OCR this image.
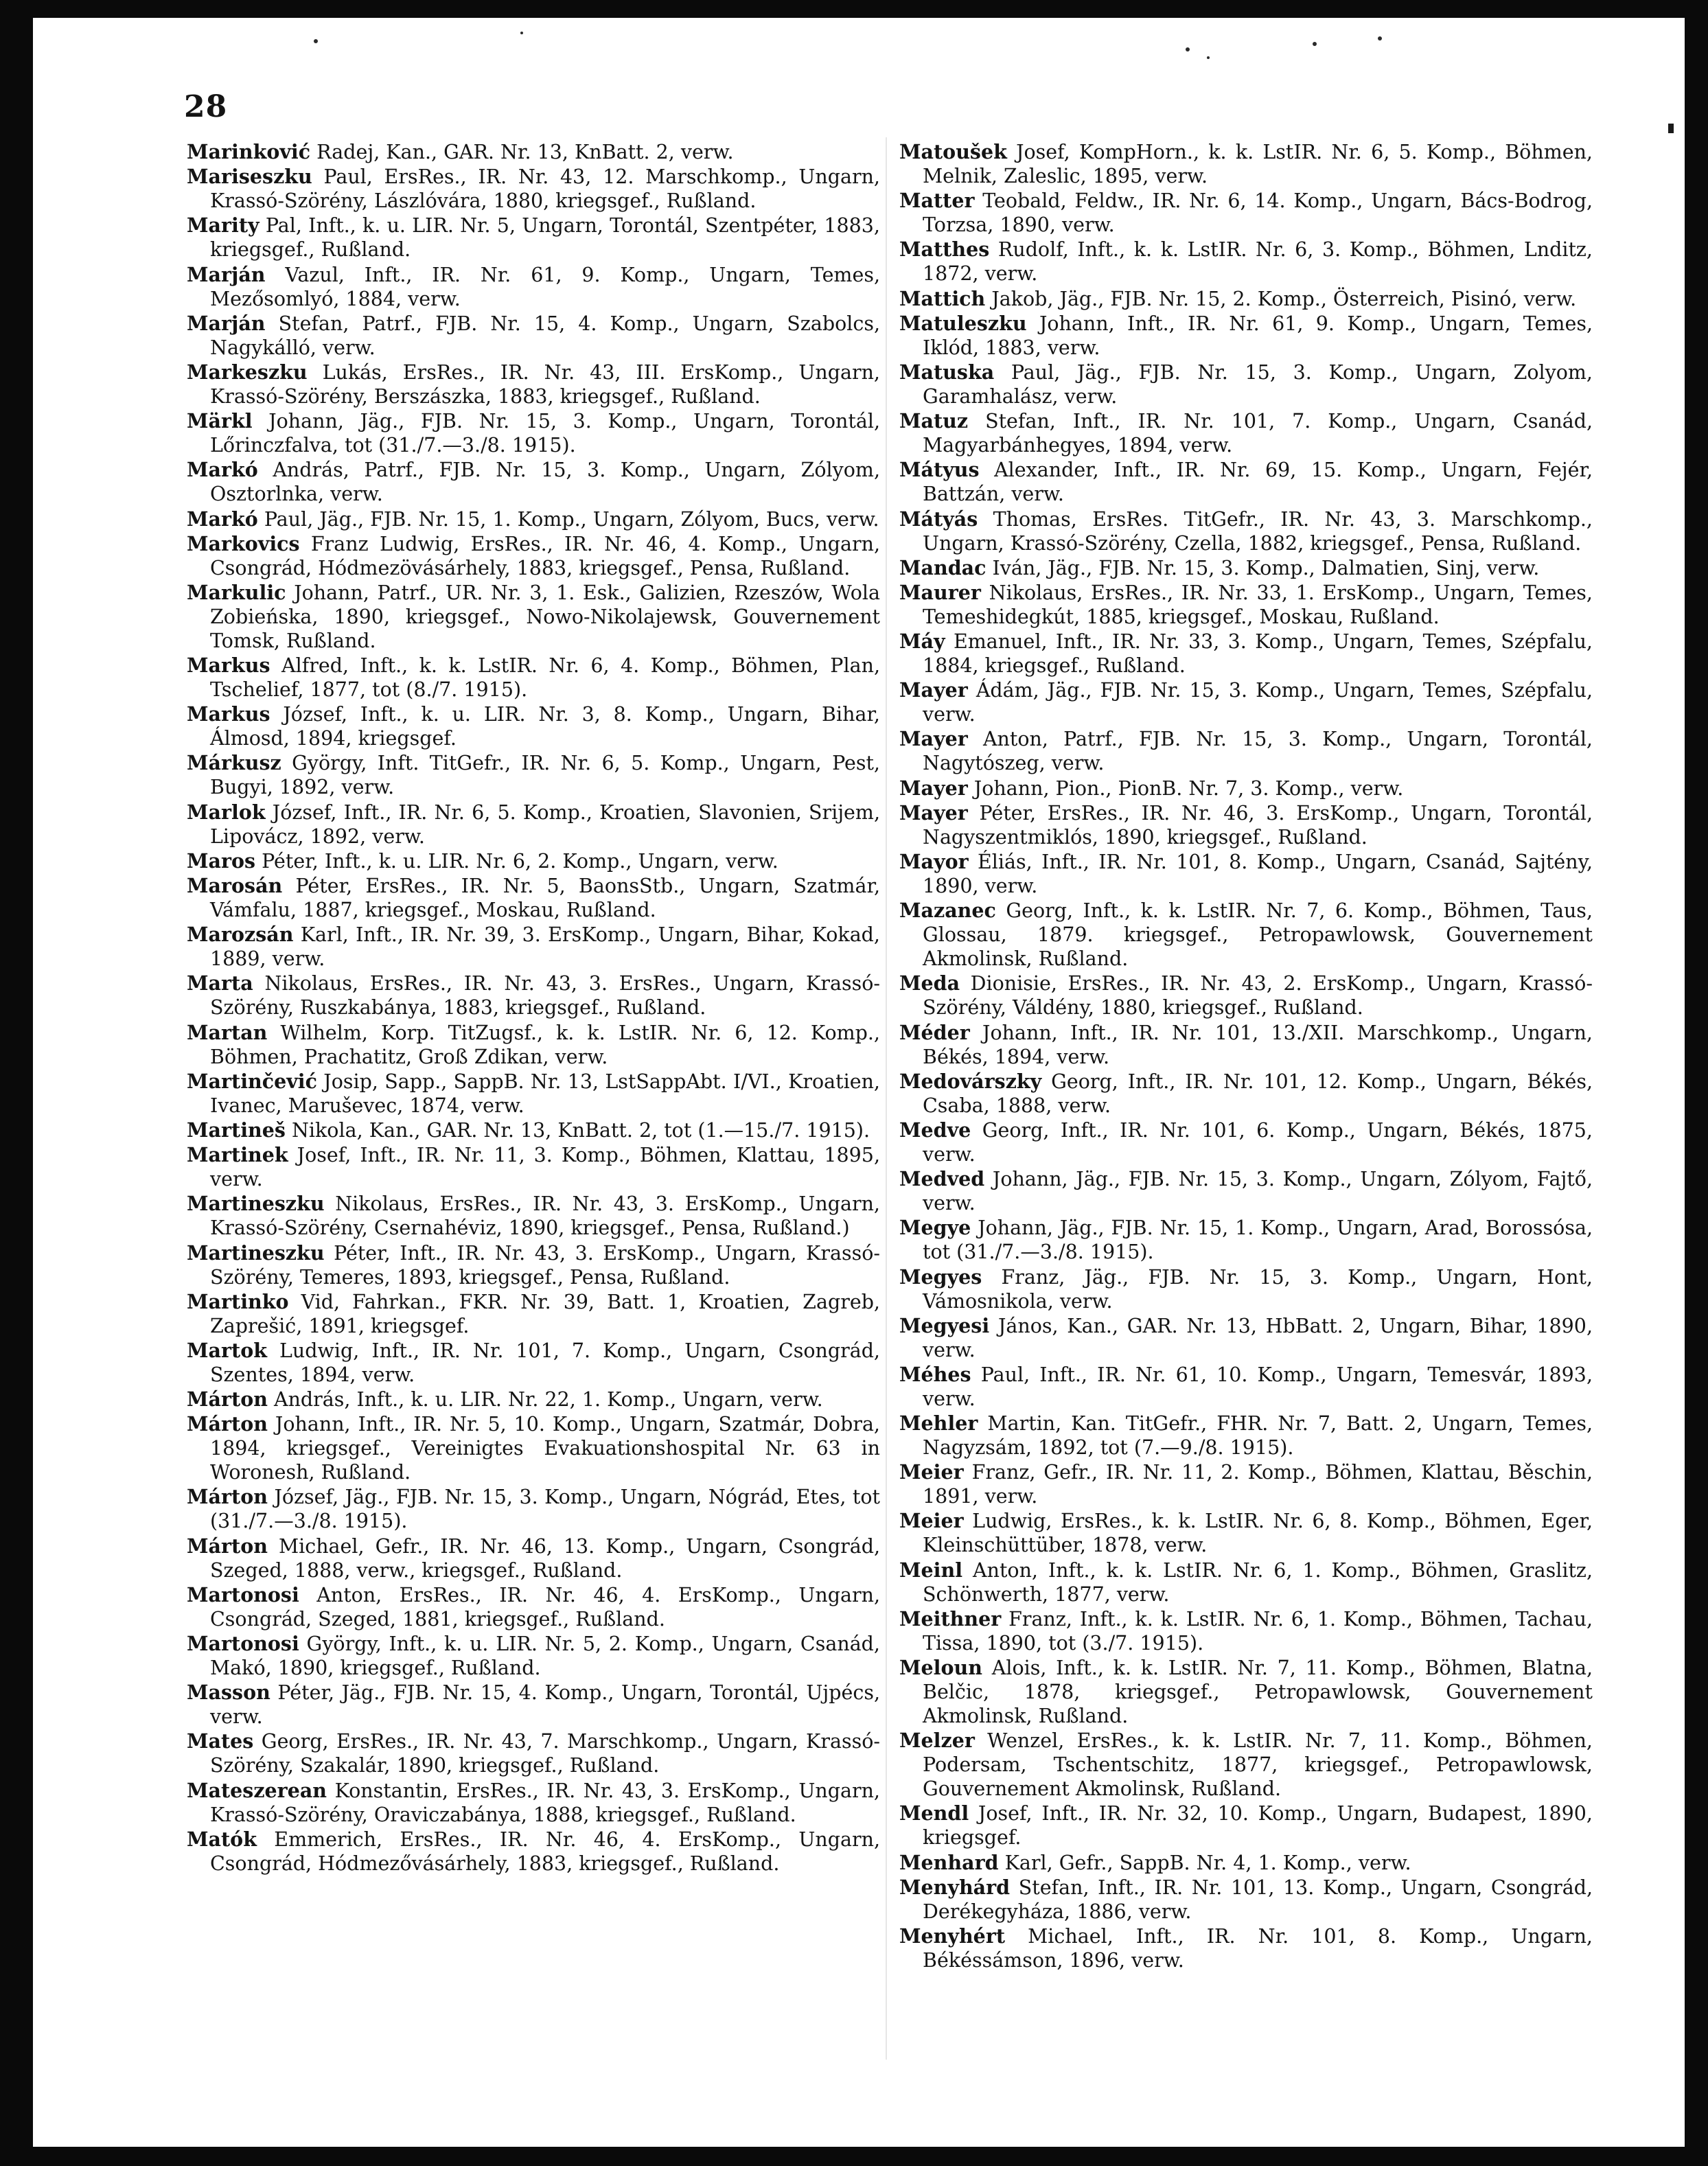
28

Marinković Radej, Kan., GAR. Nr. 13, KnBatt. 2, verw.

Mariseszku Paul, ErsRes., IR. Nr. 43, 12. Marschkomp., Ungarn, Krassó-Szörény, Lászlóvára, 1880, kriegsgef., Rußland.

Marity Pal, Inft., k. u. LIR. Nr. 5, Ungarn, Torontál, Szentpéter, 1883, kriegsgef., Rußland.

Marján Vazul, Inft., IR. Nr. 61, 9. Komp., Ungarn, Temes, Mezősomlyó, 1884, verw.

Marján Stefan, Patrf., FJB. Nr. 15, 4. Komp., Ungarn, Szabolcs, Nagykálló, verw.

Markeszku Lukás, ErsRes., IR. Nr. 43, III. ErsKomp., Ungarn, Krassó-Szörény, Berszászka, 1883, kriegsgef., Rußland.

Märkl Johann, Jäg., FJB. Nr. 15, 3. Komp., Ungarn, Torontál, Lőrinczfalva, tot (31./7.—3./8. 1915).

Markó András, Patrf., FJB. Nr. 15, 3. Komp., Ungarn, Zólyom, Osztorlnka, verw.

Markó Paul, Jäg., FJB. Nr. 15, 1. Komp., Ungarn, Zólyom, Bucs, verw.

Markovics Franz Ludwig, ErsRes., IR. Nr. 46, 4. Komp., Ungarn, Csongrád, Hódmezövásárhely, 1883, kriegsgef., Pensa, Rußland.

Markulic Johann, Patrf., UR. Nr. 3, 1. Esk., Galizien, Rzeszów, Wola Zobieńska, 1890, kriegsgef., Nowo-Nikolajewsk, Gouvernement Tomsk, Rußland.

Markus Alfred, Inft., k. k. LstIR. Nr. 6, 4. Komp., Böhmen, Plan, Tschelief, 1877, tot (8./7. 1915).

Markus József, Inft., k. u. LIR. Nr. 3, 8. Komp., Ungarn, Bihar, Álmosd, 1894, kriegsgef.

Márkusz György, Inft. TitGefr., IR. Nr. 6, 5. Komp., Ungarn, Pest, Bugyi, 1892, verw.

Marlok József, Inft., IR. Nr. 6, 5. Komp., Kroatien, Slavonien, Srijem, Lipovácz, 1892, verw.

Maros Péter, Inft., k. u. LIR. Nr. 6, 2. Komp., Ungarn, verw.

Marosán Péter, ErsRes., IR. Nr. 5, BaonsStb., Ungarn, Szatmár, Vámfalu, 1887, kriegsgef., Moskau, Rußland.

Marozsán Karl, Inft., IR. Nr. 39, 3. ErsKomp., Ungarn, Bihar, Kokad, 1889, verw.

Marta Nikolaus, ErsRes., IR. Nr. 43, 3. ErsRes., Ungarn, Krassó-Szörény, Ruszkabánya, 1883, kriegsgef., Rußland.

Martan Wilhelm, Korp. TitZugsf., k. k. LstIR. Nr. 6, 12. Komp., Böhmen, Prachatitz, Groß Zdikan, verw.

Martinčević Josip, Sapp., SappB. Nr. 13, LstSappAbt. I/VI., Kroatien, Ivanec, Maruševec, 1874, verw.

Martineš Nikola, Kan., GAR. Nr. 13, KnBatt. 2, tot (1.—15./7. 1915).

Martinek Josef, Inft., IR. Nr. 11, 3. Komp., Böhmen, Klattau, 1895, verw.

Martineszku Nikolaus, ErsRes., IR. Nr. 43, 3. ErsKomp., Ungarn, Krassó-Szörény, Csernahéviz, 1890, kriegsgef., Pensa, Rußland.)

Martineszku Péter, Inft., IR. Nr. 43, 3. ErsKomp., Ungarn, Krassó-Szörény, Temeres, 1893, kriegsgef., Pensa, Rußland.

Martinko Vid, Fahrkan., FKR. Nr. 39, Batt. 1, Kroatien, Zagreb, Zaprešić, 1891, kriegsgef.

Martok Ludwig, Inft., IR. Nr. 101, 7. Komp., Ungarn, Csongrád, Szentes, 1894, verw.

Márton András, Inft., k. u. LIR. Nr. 22, 1. Komp., Ungarn, verw.

Márton Johann, Inft., IR. Nr. 5, 10. Komp., Ungarn, Szatmár, Dobra, 1894, kriegsgef., Vereinigtes Evakuationshospital Nr. 63 in Woronesh, Rußland.

Márton József, Jäg., FJB. Nr. 15, 3. Komp., Ungarn, Nógrád, Etes, tot (31./7.—3./8. 1915).

Márton Michael, Gefr., IR. Nr. 46, 13. Komp., Ungarn, Csongrád, Szeged, 1888, verw., kriegsgef., Rußland.

Martonosi Anton, ErsRes., IR. Nr. 46, 4. ErsKomp., Ungarn, Csongrád, Szeged, 1881, kriegsgef., Rußland.

Martonosi György, Inft., k. u. LIR. Nr. 5, 2. Komp., Ungarn, Csanád, Makó, 1890, kriegsgef., Rußland.

Masson Péter, Jäg., FJB. Nr. 15, 4. Komp., Ungarn, Torontál, Ujpécs, verw.

Mates Georg, ErsRes., IR. Nr. 43, 7. Marschkomp., Ungarn, Krassó-Szörény, Szakalár, 1890, kriegsgef., Rußland.

Mateszerean Konstantin, ErsRes., IR. Nr. 43, 3. ErsKomp., Ungarn, Krassó-Szörény, Oraviczabánya, 1888, kriegsgef., Rußland.

Matók Emmerich, ErsRes., IR. Nr. 46, 4. ErsKomp., Ungarn, Csongrád, Hódmezővásárhely, 1883, kriegsgef., Rußland.

Matoušek Josef, KompHorn., k. k. LstIR. Nr. 6, 5. Komp., Böhmen, Melnik, Zaleslic, 1895, verw.

Matter Teobald, Feldw., IR. Nr. 6, 14. Komp., Ungarn, Bács-Bodrog, Torzsa, 1890, verw.

Matthes Rudolf, Inft., k. k. LstIR. Nr. 6, 3. Komp., Böhmen, Lnditz, 1872, verw.

Mattich Jakob, Jäg., FJB. Nr. 15, 2. Komp., Österreich, Pisinó, verw.

Matuleszku Johann, Inft., IR. Nr. 61, 9. Komp., Ungarn, Temes, Iklód, 1883, verw.

Matuska Paul, Jäg., FJB. Nr. 15, 3. Komp., Ungarn, Zolyom, Garamhalász, verw.

Matuz Stefan, Inft., IR. Nr. 101, 7. Komp., Ungarn, Csanád, Magyarbánhegyes, 1894, verw.

Mátyus Alexander, Inft., IR. Nr. 69, 15. Komp., Ungarn, Fejér, Battzán, verw.

Mátyás Thomas, ErsRes. TitGefr., IR. Nr. 43, 3. Marschkomp., Ungarn, Krassó-Szörény, Czella, 1882, kriegsgef., Pensa, Rußland.

Mandac Iván, Jäg., FJB. Nr. 15, 3. Komp., Dalmatien, Sinj, verw.

Maurer Nikolaus, ErsRes., IR. Nr. 33, 1. ErsKomp., Ungarn, Temes, Temeshidegkút, 1885, kriegsgef., Moskau, Rußland.

Máy Emanuel, Inft., IR. Nr. 33, 3. Komp., Ungarn, Temes, Szépfalu, 1884, kriegsgef., Rußland.

Mayer Ádám, Jäg., FJB. Nr. 15, 3. Komp., Ungarn, Temes, Szépfalu, verw.

Mayer Anton, Patrf., FJB. Nr. 15, 3. Komp., Ungarn, Torontál, Nagytószeg, verw.

Mayer Johann, Pion., PionB. Nr. 7, 3. Komp., verw.

Mayer Péter, ErsRes., IR. Nr. 46, 3. ErsKomp., Ungarn, Torontál, Nagyszentmiklós, 1890, kriegsgef., Rußland.

Mayor Éliás, Inft., IR. Nr. 101, 8. Komp., Ungarn, Csanád, Sajtény, 1890, verw.

Mazanec Georg, Inft., k. k. LstIR. Nr. 7, 6. Komp., Böhmen, Taus, Glossau, 1879. kriegsgef., Petropawlowsk, Gouvernement Akmolinsk, Rußland.

Meda Dionisie, ErsRes., IR. Nr. 43, 2. ErsKomp., Ungarn, Krassó-Szörény, Váldény, 1880, kriegsgef., Rußland.

Méder Johann, Inft., IR. Nr. 101, 13./XII. Marschkomp., Ungarn, Békés, 1894, verw.

Medovárszky Georg, Inft., IR. Nr. 101, 12. Komp., Ungarn, Békés, Csaba, 1888, verw.

Medve Georg, Inft., IR. Nr. 101, 6. Komp., Ungarn, Békés, 1875, verw.

Medved Johann, Jäg., FJB. Nr. 15, 3. Komp., Ungarn, Zólyom, Fajtő, verw.

Megye Johann, Jäg., FJB. Nr. 15, 1. Komp., Ungarn, Arad, Borossósa, tot (31./7.—3./8. 1915).

Megyes Franz, Jäg., FJB. Nr. 15, 3. Komp., Ungarn, Hont, Vámosnikola, verw.

Megyesi János, Kan., GAR. Nr. 13, HbBatt. 2, Ungarn, Bihar, 1890, verw.

Méhes Paul, Inft., IR. Nr. 61, 10. Komp., Ungarn, Temesvár, 1893, verw.

Mehler Martin, Kan. TitGefr., FHR. Nr. 7, Batt. 2, Ungarn, Temes, Nagyzsám, 1892, tot (7.—9./8. 1915).

Meier Franz, Gefr., IR. Nr. 11, 2. Komp., Böhmen, Klattau, Běschin, 1891, verw.

Meier Ludwig, ErsRes., k. k. LstIR. Nr. 6, 8. Komp., Böhmen, Eger, Kleinschüttüber, 1878, verw.

Meinl Anton, Inft., k. k. LstIR. Nr. 6, 1. Komp., Böhmen, Graslitz, Schönwerth, 1877, verw.

Meithner Franz, Inft., k. k. LstIR. Nr. 6, 1. Komp., Böhmen, Tachau, Tissa, 1890, tot (3./7. 1915).

Meloun Alois, Inft., k. k. LstIR. Nr. 7, 11. Komp., Böhmen, Blatna, Belčic, 1878, kriegsgef., Petropawlowsk, Gouvernement Akmolinsk, Rußland.

Melzer Wenzel, ErsRes., k. k. LstIR. Nr. 7, 11. Komp., Böhmen, Podersam, Tschentschitz, 1877, kriegsgef., Petropawlowsk, Gouvernement Akmolinsk, Rußland.

Mendl Josef, Inft., IR. Nr. 32, 10. Komp., Ungarn, Budapest, 1890, kriegsgef.

Menhard Karl, Gefr., SappB. Nr. 4, 1. Komp., verw.

Menyhárd Stefan, Inft., IR. Nr. 101, 13. Komp., Ungarn, Csongrád, Derékegyháza, 1886, verw.

Menyhért Michael, Inft., IR. Nr. 101, 8. Komp., Ungarn, Békéssámson, 1896, verw.
